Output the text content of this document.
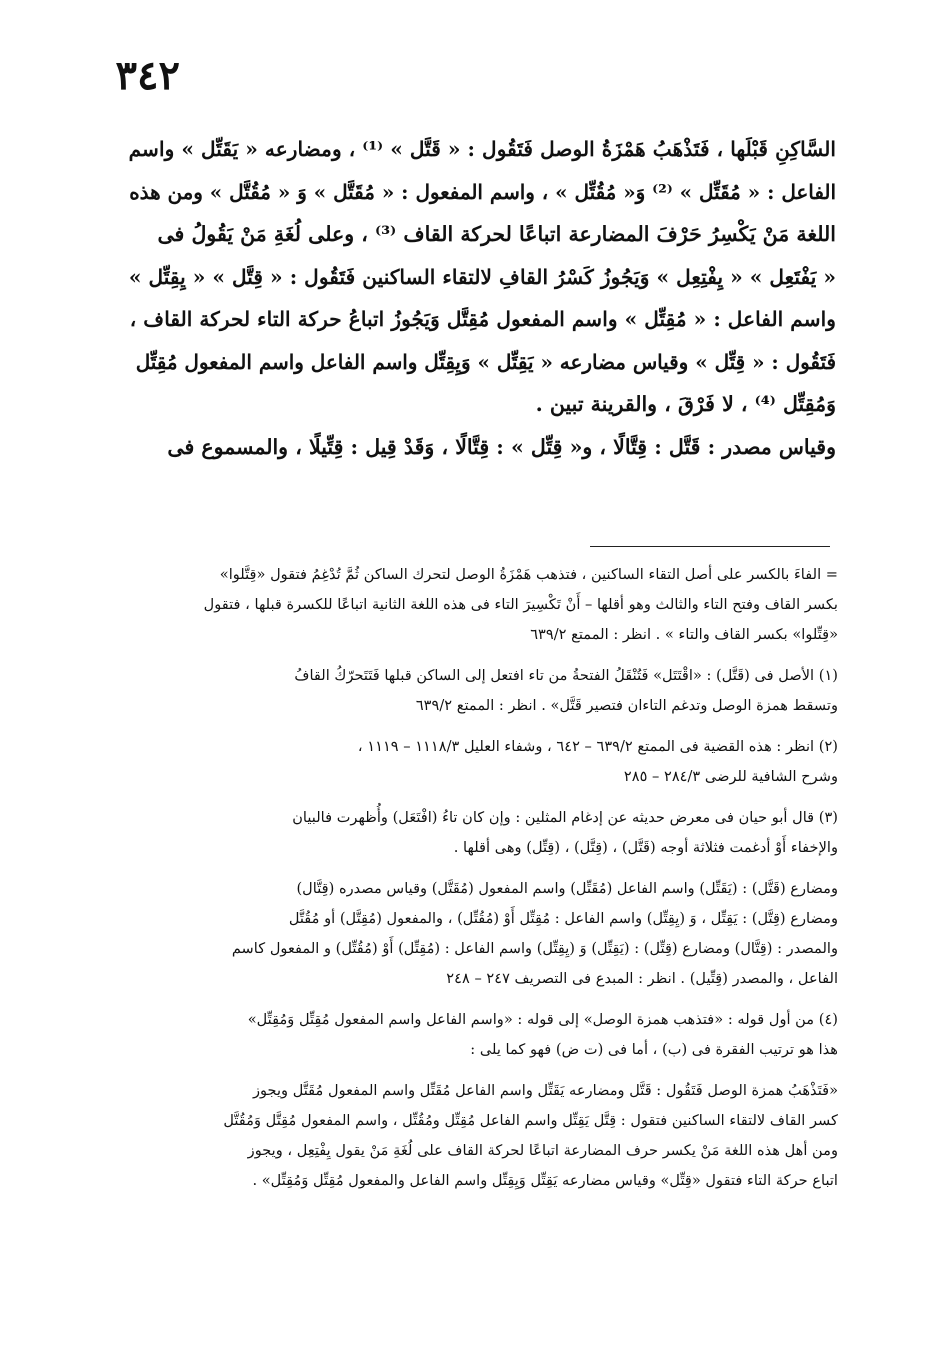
٣٤٢

السَّاكِنِ قَبْلَها ، فَتَذْهَبُ هَمْزَةُ الوصل فَتَقُول : « قَتَّل » ⁽¹⁾ ، ومضارعه « يَقَتِّل » واسم

الفاعل : « مُقَتِّل » ⁽²⁾ وَ« مُقُتِّل » ، واسم المفعول : « مُقَتَّل » وَ « مُقُتَّل » ومن هذه

اللغة مَنْ يَكْسِرُ حَرْفَ المضارعة اتباعًا لحركة القاف ⁽³⁾ ، وعلى لُغَةِ مَنْ يَقُولُ فى

« يَفْتَعِل » « يِفْتِعِل » وَيَجُوزُ كَسْرُ القافِ لالتقاء الساكنين فَتَقُول : « قِتَّل » « يِقِتِّل »

واسم الفاعل : « مُقِتِّل » واسم المفعول مُقِتَّل وَيَجُوزُ اتباعُ حركة التاء لحركة القاف ،

فَتَقُول : « قِتِّل » وقياس مضارعه « يَقِتِّل » وَيِقِتِّل واسم الفاعل واسم المفعول مُقِتِّل

وَمُقِتِّل ⁽⁴⁾ ، لا فَرْقَ ، والقرينة تبين .

وقياس مصدر : قَتَّل : قِتَّالًا ، و« قِتِّل » : قِتَّالًا ، وَقَدْ قِيل : قِتِّيلًا ، والمسموع فى

= الفاءَ بالكسر على أصل التقاء الساكنين ، فتذهب هَمْزَةُ الوصل لتحرك الساكن ثُمَّ تُدْغِمُ فتقول «قِتَّلوا»

بكسر القاف وفتح التاء والثالث وهو أقلها – أَنْ تَكْسِيرَ التاء فى هذه اللغة الثانية اتباعًا للكسرة قبلها ، فتقول

«قِتِّلوا» بكسر القاف والتاء » . انظر : الممتع ٦٣٩/٢

(١) الأصل فى (قَتَّل) : «اقْتَتَل» فَتُنْقَلُ الفتحةُ من تاء افتعل إلى الساكن قبلها فَتَتَحرّكُ القافُ

وتسقط همزة الوصل وتدغم التاءان فتصير قَتَّل» . انظر : الممتع ٦٣٩/٢

(٢) انظر : هذه القضية فى الممتع ٦٣٩/٢ – ٦٤٢ ، وشفاء العليل ١١١٨/٣ – ١١١٩ ،

وشرح الشافية للرضى ٢٨٤/٣ – ٢٨٥

(٣) قال أبو حيان فى معرض حديثه عن إدغام المثلين : وإن كان تاءُ (افْتَعَل) وأُظهرت فالبيان

والإخفاء أَوْ أدغمت فثلاثة أوجه (قَتَّل) ، (قِتَّل) ، (قِتِّل) وهى أقلها .

ومضارع (قَتَّل) : (يَقَتِّل) واسم الفاعل (مُقَتِّل) واسم المفعول (مُقَتَّل) وقياس مصدره (قِتَّال)

ومضارع (قِتَّل) : يَقِتِّل ، وَ (يِقِتِّل) واسم الفاعل : مُقِتِّل أَوْ (مُقُتِّل) ، والمفعول (مُقِتَّل) أو مُقُتَّل

والمصدر : (قِتَّال) ومضارع (قِتِّل) : (يَقِتِّل) وَ (يِقِتِّل) واسم الفاعل : (مُقِتِّل) أَوْ (مُقُتِّل) و المفعول كاسم

الفاعل ، والمصدر (قِتِّيل) . انظر : المبدع فى التصريف ٢٤٧ – ٢٤٨

(٤) من أول قوله : «فتذهب همزة الوصل» إلى قوله : «واسم الفاعل واسم المفعول مُقِتِّل وَمُقِتِّل»

هذا هو ترتيب الفقرة فى (ب) ، أما فى (ت ض) فهو كما يلى :

«فَتَذْهَبُ همزة الوصل فَتَقُول : قَتَّل ومضارعه يَقَتِّل واسم الفاعل مُقَتِّل واسم المفعول مُقَتَّل ويجوز

كسر القاف لالتقاء الساكنين فتقول : قِتَّل يَقِتِّل واسم الفاعل مُقِتِّل ومُقُتِّل ، واسم المفعول مُقِتَّل وَمُقُتَّل

ومن أهل هذه اللغة مَنْ يكسر حرف المضارعة اتباعًا لحركة القاف على لُغَةِ مَنْ يقول يِفْتِعِل ، ويجوز

اتباع حركة التاء فتقول «قِتِّل» وقياس مضارعه يَقِتِّل وَيِقِتِّل واسم الفاعل والمفعول مُقِتِّل وَمُقِتِّل» .
